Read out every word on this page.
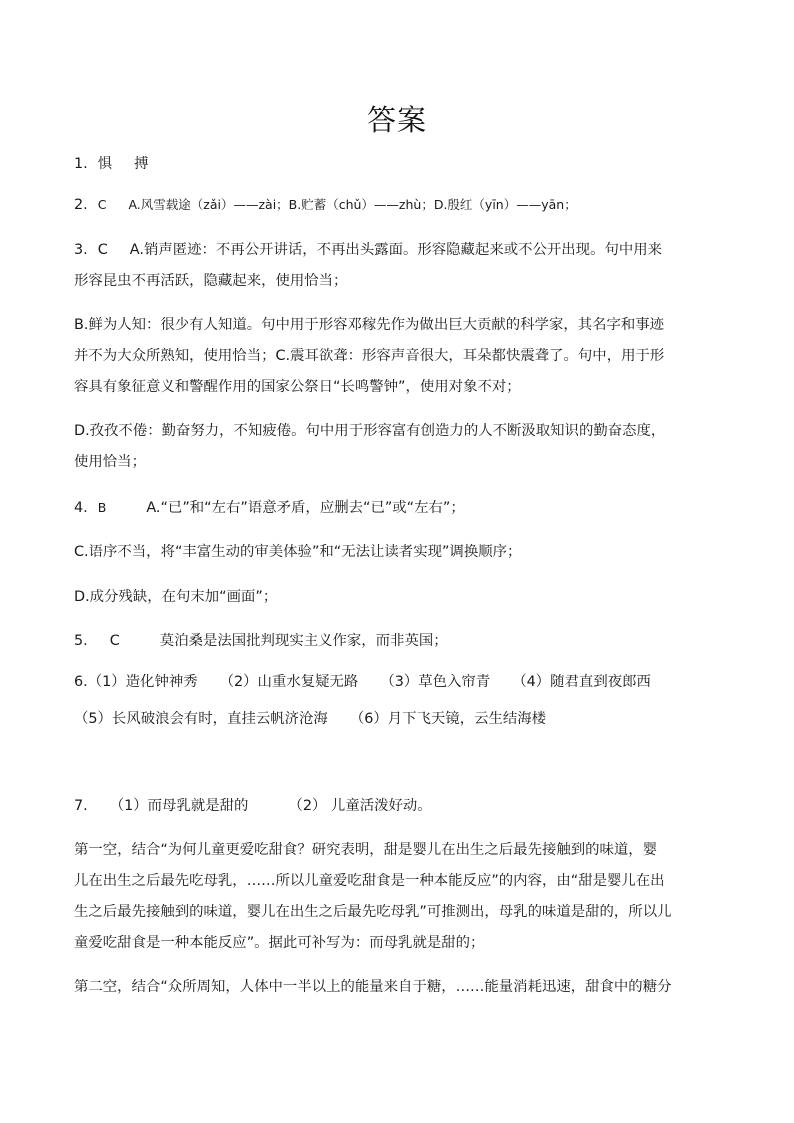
答案
1. 惧 搏
2. C A.风雪载途（zǎi）——zài；B.贮蓄（chǔ）——zhù；D.殷红（yīn）——yān；
3. C A.销声匿迹：不再公开讲话，不再出头露面。形容隐藏起来或不公开出现。句中用来
形容昆虫不再活跃，隐藏起来，使用恰当；
B.鲜为人知：很少有人知道。句中用于形容邓稼先作为做出巨大贡献的科学家，其名字和事迹
并不为大众所熟知，使用恰当；C.震耳欲聋：形容声音很大，耳朵都快震聋了。句中，用于形
容具有象征意义和警醒作用的国家公祭日“长鸣警钟”，使用对象不对；
D.孜孜不倦：勤奋努力，不知疲倦。句中用于形容富有创造力的人不断汲取知识的勤奋态度，
使用恰当；
4. B	A.“已”和“左右”语意矛盾，应删去“已”或“左右”；
C.语序不当，将“丰富生动的审美体验”和“无法让读者实现”调换顺序；
D.成分残缺，在句末加“画面”；
5. C	莫泊桑是法国批判现实主义作家，而非英国；
6.（1）造化钟神秀 （2）山重水复疑无路 （3）草色入帘青 （4）随君直到夜郎西
（5）长风破浪会有时，直挂云帆济沧海 （6）月下飞天镜，云生结海楼
7. （1）而母乳就是甜的	（2） 儿童活泼好动。
第一空，结合“为何儿童更爱吃甜食？研究表明，甜是婴儿在出生之后最先接触到的味道，婴
儿在出生之后最先吃母乳，……所以儿童爱吃甜食是一种本能反应”的内容，由“甜是婴儿在出
生之后最先接触到的味道，婴儿在出生之后最先吃母乳”可推测出，母乳的味道是甜的，所以儿
童爱吃甜食是一种本能反应”。据此可补写为：而母乳就是甜的；
第二空，结合“众所周知，人体中一半以上的能量来自于糖，……能量消耗迅速，甜食中的糖分
